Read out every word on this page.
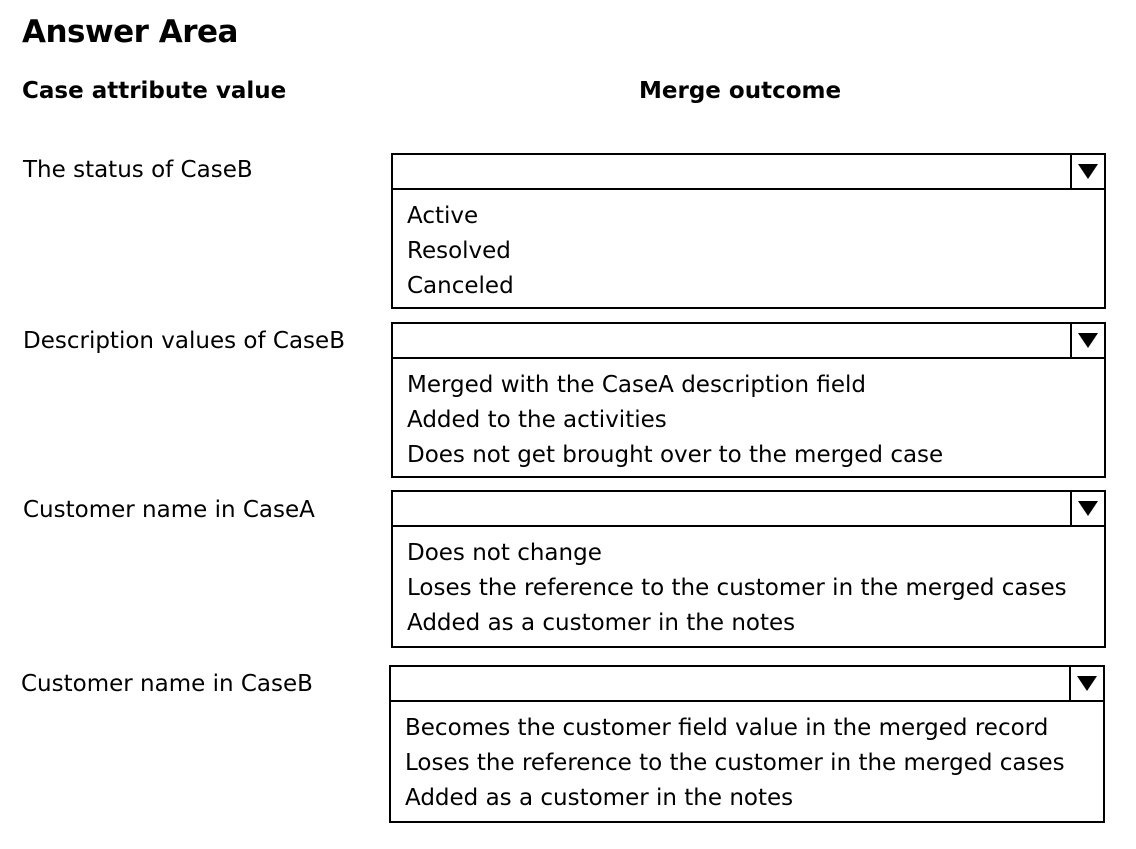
Answer Area
Case attribute value	Merge outcome
The status of CaseB
Active
Resolved
Canceled
Description values of CaseB
Merged with the CaseA description field
Added to the activities
Does not get brought over to the merged case
Customer name in CaseA
Does not change
Loses the reference to the customer in the merged cases
Added as a customer in the notes
Customer name in CaseB
Becomes the customer field value in the merged record
Loses the reference to the customer in the merged cases
Added as a customer in the notes
